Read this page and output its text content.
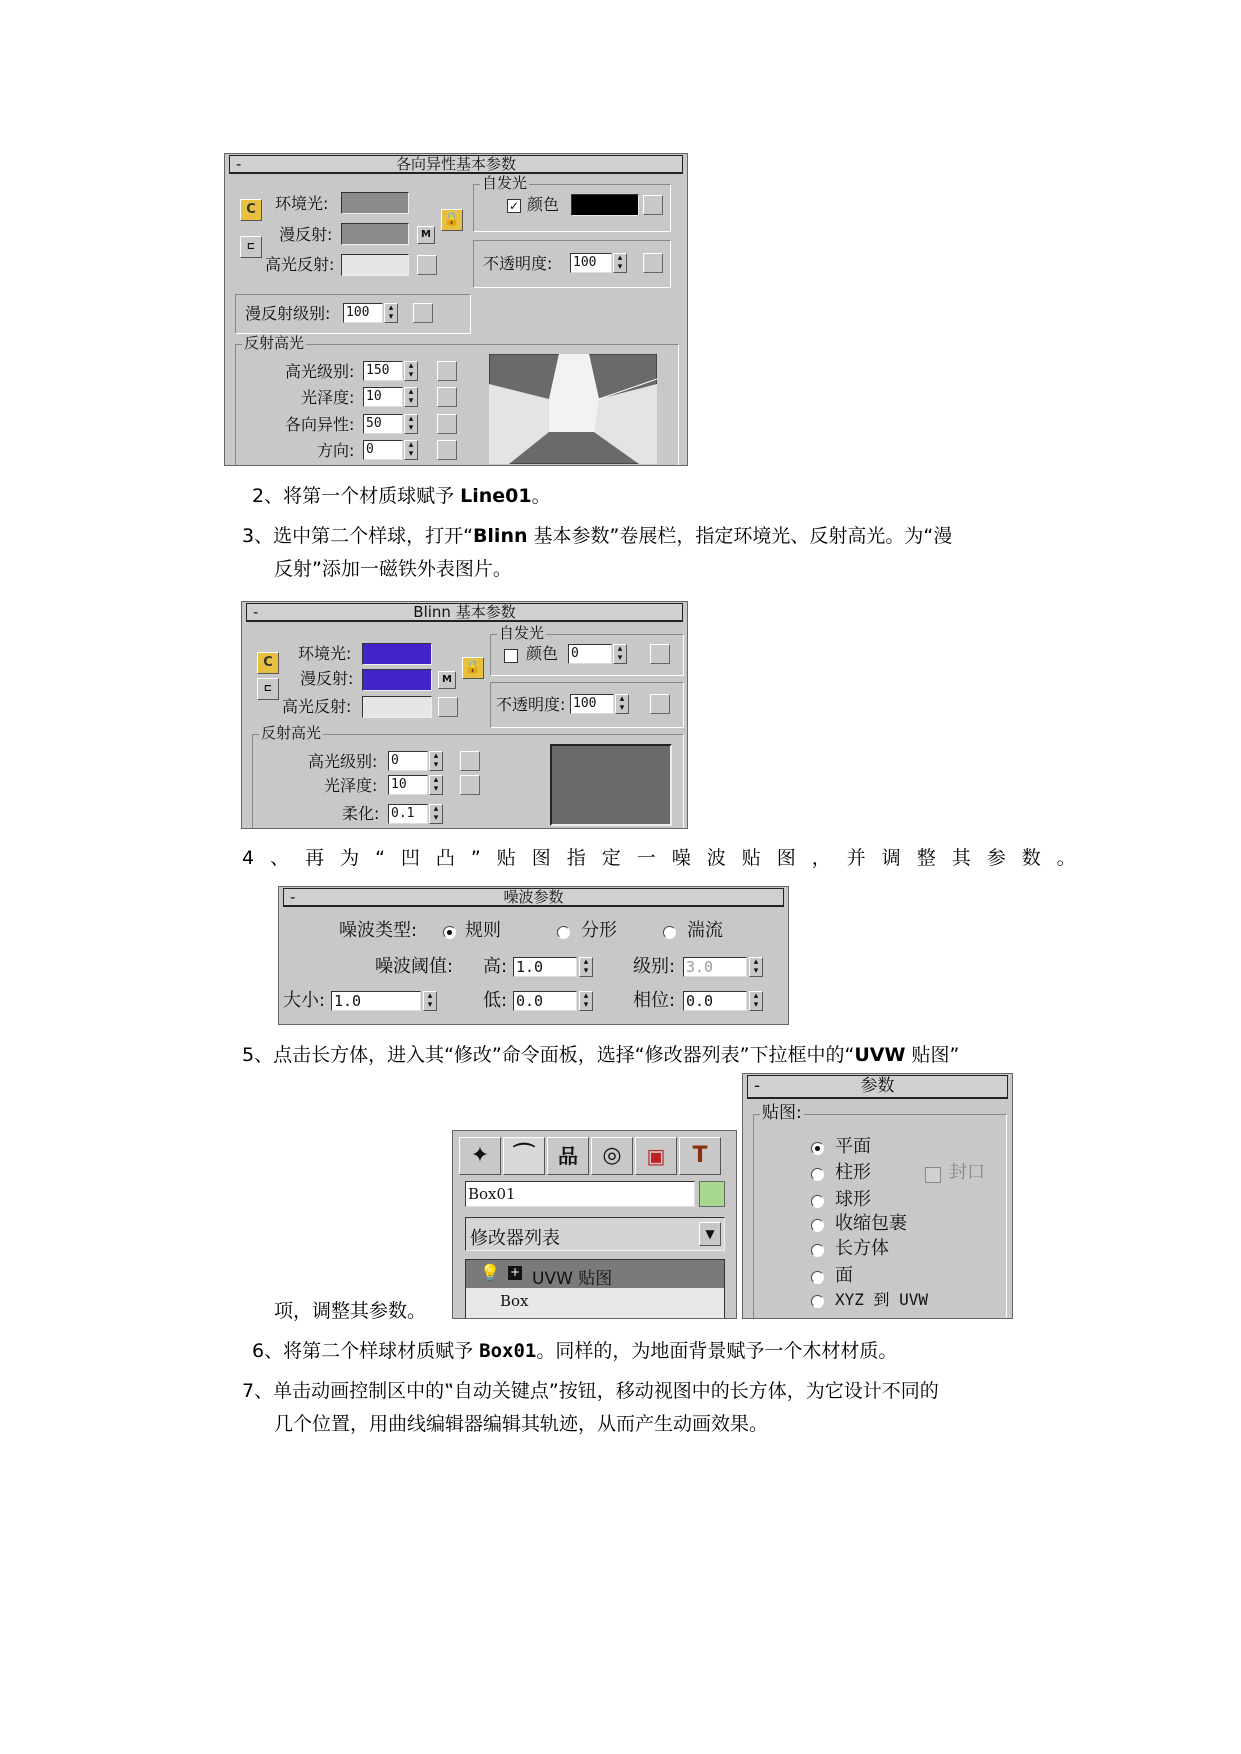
-	各向异性基本参数
C
⊏
环境光:
漫反射:	M
🔒
高光反射:
自发光
✓ 颜色
不透明度: 100	▴
▾
漫反射级别: 100	▴
▾
反射高光
高光级别: 150	▴
▾
光泽度: 10	▴
▾
各向异性: 50	▴
▾
方向: 0	▴
▾
2、将第一个材质球赋予 Line01。
3、选中第二个样球，打开“Blinn 基本参数”卷展栏，指定环境光、反射高光。为“漫
反射”添加一磁铁外表图片。
-	Blinn 基本参数
C
⊏
环境光:
漫反射:	M
🔒
高光反射:
自发光
颜色 0	▴
▾
不透明度: 100	▴
▾
反射高光
高光级别: 0	▴
▾
光泽度: 10	▴
▾
柔化: 0.1	▴
▾
4、再为“凹凸”贴图指定一噪波贴图，并调整其参数。
-	噪波参数
噪波类型:	规则	分形	湍流
噪波阈值: 高: 1.0	▴
▾ 级别: 3.0	▴
▾
大小: 1.0	▴
▾	低: 0.0	▴
▾ 相位: 0.0	▴
▾
5、点击长方体，进入其“修改”命令面板，选择“修改器列表”下拉框中的“UVW 贴图”
项，调整其参数。
✦	⌒	品	◎	▣	T
Box01
修改器列表	▼
💡 + UVW 贴图
Box
-	参数
贴图:
平面
柱形	封口
球形
收缩包裹
长方体
面
XYZ 到 UVW
6、将第二个样球材质赋予 Box01。同样的，为地面背景赋予一个木材材质。
7、单击动画控制区中的‟自动关键点”按钮，移动视图中的长方体，为它设计不同的
几个位置，用曲线编辑器编辑其轨迹，从而产生动画效果。
